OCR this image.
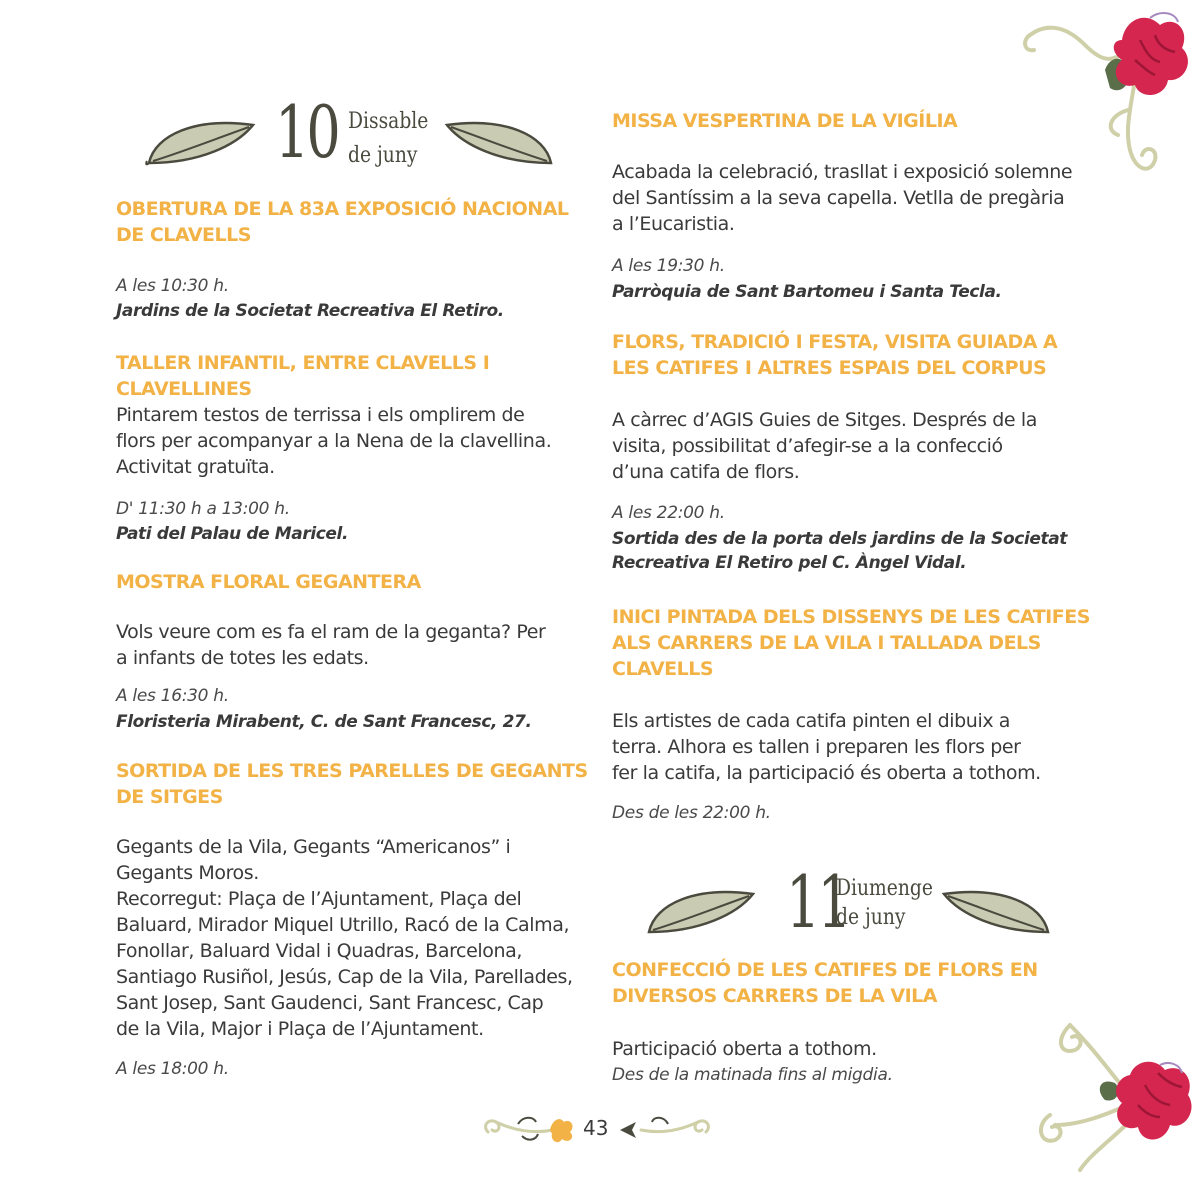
10 Dissable
de juny
OBERTURA DE LA 83A EXPOSICIÓ NACIONAL
DE CLAVELLS
A les 10:30 h.
Jardins de la Societat Recreativa El Retiro.
TALLER INFANTIL, ENTRE CLAVELLS I CLAVELLINES
Pintarem testos de terrissa i els omplirem de
flors per acompanyar a la Nena de la clavellina.
Activitat gratuïta.
D' 11:30 h a 13:00 h.
Pati del Palau de Maricel.
MOSTRA FLORAL GEGANTERA
Vols veure com es fa el ram de la geganta? Per
a infants de totes les edats.
A les 16:30 h.
Floristeria Mirabent, C. de Sant Francesc, 27.
SORTIDA DE LES TRES PARELLES DE GEGANTS
DE SITGES
Gegants de la Vila, Gegants “Americanos” i
Gegants Moros.
Recorregut: Plaça de l’Ajuntament, Plaça del
Baluard, Mirador Miquel Utrillo, Racó de la Calma,
Fonollar, Baluard Vidal i Quadras, Barcelona,
Santiago Rusiñol, Jesús, Cap de la Vila, Parellades,
Sant Josep, Sant Gaudenci, Sant Francesc, Cap
de la Vila, Major i Plaça de l’Ajuntament.
A les 18:00 h.
MISSA VESPERTINA DE LA VIGÍLIA
Acabada la celebració, trasllat i exposició solemne
del Santíssim a la seva capella. Vetlla de pregària
a l’Eucaristia.
A les 19:30 h.
Parròquia de Sant Bartomeu i Santa Tecla.
FLORS, TRADICIÓ I FESTA, VISITA GUIADA A
LES CATIFES I ALTRES ESPAIS DEL CORPUS
A càrrec d’AGIS Guies de Sitges. Després de la
visita, possibilitat d’afegir-se a la confecció
d’una catifa de flors.
A les 22:00 h.
Sortida des de la porta dels jardins de la Societat
Recreativa El Retiro pel C. Àngel Vidal.
INICI PINTADA DELS DISSENYS DE LES CATIFES
ALS CARRERS DE LA VILA I TALLADA DELS
CLAVELLS
Els artistes de cada catifa pinten el dibuix a
terra. Alhora es tallen i preparen les flors per
fer la catifa, la participació és oberta a tothom.
Des de les 22:00 h.
11
Diumenge
de juny
CONFECCIÓ DE LES CATIFES DE FLORS EN
DIVERSOS CARRERS DE LA VILA
Participació oberta a tothom.
Des de la matinada fins al migdia.
43
